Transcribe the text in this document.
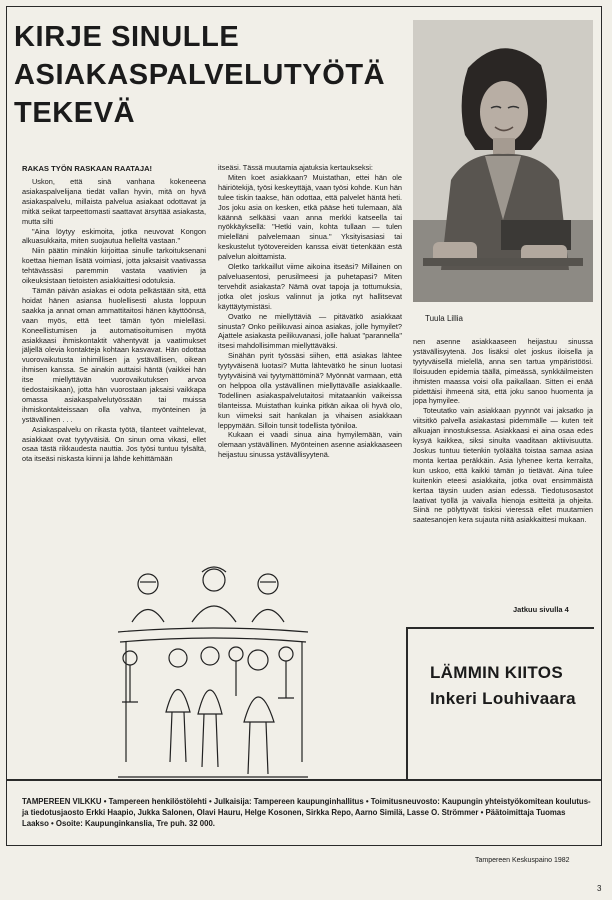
KIRJE SINULLE
ASIAKASPALVELUTYÖTÄ
TEKEVÄ
Tuula Lillia
RAKAS TYÖN RASKAAN RAATAJA!

Uskon, että sinä vanhana kokeneena asiakaspalvelijana tiedät vallan hyvin, mitä on hyvä asiakaspalvelu, millaista palvelua asiakaat odottavat ja mitkä seikat tarpeettomasti saattavat ärsyttää asiakasta, mutta silti

"Aina löytyy eskimoita, jotka neuvovat Kongon alkuasukkaita, miten suojautua helleltä vastaan."

Niin päätin minäkin kirjoittaa sinulle tarkoituksenani koettaa hieman lisätä voimiasi, jotta jaksaisit vaativassa tehtävässäsi paremmin vastata vaativien ja oikeuksistaan tietoisten asiakkaittesi odotuksia.

Tämän päivän asiakas ei odota pelkästään sitä, että hoidat hänen asiansa huolellisesti alusta loppuun saakka ja annat oman ammattitaitosi hänen käyttöönsä, vaan myös, että teet tämän työn mielelläsi. Koneellistumisen ja automatisoitumisen myötä asiakkaasi ihmiskontaktit vähentyvät ja vaatimukset jäljellä olevia kontakteja kohtaan kasvavat. Hän odottaa vuorovaikutusta inhimillisen ja ystävällisen, oikean ihmisen kanssa. Se ainakin auttaisi häntä (vaikkei hän itse miellyttävän vuorovaikutuksen arvoa tiedostaisikaan), jotta hän vuorostaan jaksaisi vaikkapa omassa asiakaspalvelutyössään tai muissa ihmiskontakteissaan olla vahva, myönteinen ja ystävällinen . . .

Asiakaspalvelu on rikasta työtä, tilanteet vaihtelevat, asiakkaat ovat tyytyväisiä. On sinun oma vikasi, ellet osaa tästä rikkaudesta nauttia. Jos työsi tuntuu tylsältä, ota itseäsi niskasta kiinni ja lähde kehittämään

itseäsi. Tässä muutamia ajatuksia kertaukseksi:

Miten koet asiakkaan? Muistathan, ettei hän ole häiriötekijä, työsi keskeyttäjä, vaan työsi kohde. Kun hän tulee tiskin taakse, hän odottaa, että palvelet häntä heti. Jos joku asia on kesken, etkä pääse heti tulemaan, älä käännä selkääsi vaan anna merkki katseella tai nyökkäyksellä: "Hetki vain, kohta tullaan — tulen mielelläni palvelemaan sinua." Yksityisasiasi tai keskustelut työtovereiden kanssa eivät tietenkään estä palvelun aloittamista.

Oletko tarkkaillut viime aikoina itseäsi? Millainen on palveluasentosi, perusilmeesi ja puhetapasi? Miten tervehdit asiakasta? Nämä ovat tapoja ja tottumuksia, jotka olet joskus valinnut ja jotka nyt hallitsevat käyttäytymistäsi.

Ovatko ne miellyttäviä — pitävätkö asiakkaat sinusta? Onko peilikuvasi ainoa asiakas, jolle hymyilet? Ajattele asiakasta peilikuvanasi, jolle haluat "parannella" itsesi mahdollisimman miellyttäväksi.

Sinähän pyrit työssäsi siihen, että asiakas lähtee tyytyväisenä luotasi? Mutta lähtevätkö he sinun luotasi tyytyväisinä vai tyytymättöminä? Myönnät varmaan, että on helppoa olla ystävällinen miellyttävälle asiakkaalle. Todellinen asiakaspalvelutaitosi mitataankin vaikeissa tilanteissa. Muistathan kuinka pitkän aikaa oli hyvä olo, kun viimeksi sait hankalan ja vihaisen asiakkaan leppymään. Silloin tunsit todellista työniloa.

Kukaan ei vaadi sinua aina hymyilemään, vain olemaan ystävällinen. Myönteinen asenne asiakkaaseen heijastuu sinussa ystävällisyytenä.

nen asenne asiakkaaseen heijastuu sinussa ystävällisyytenä. Jos lisäksi olet joskus iloisella ja tyytyväisellä mielellä, anna sen tartua ympäristöösi. Iloisuuden epidemia täällä, pimeässä, synkkäilmeisten ihmisten maassa voisi olla paikallaan. Sitten ei enää pidettäisi ihmeenä sitä, että joku sanoo huomenta ja jopa hymyilee.

Toteutatko vain asiakkaan pyynnöt vai jaksatko ja viitsitkö palvella asiakastasi pidemmälle — kuten teit alkuajan innostuksessa. Asiakkaasi ei aina osaa edes kysyä kaikkea, siksi sinulta vaaditaan aktiivisuutta. Joskus tuntuu tietenkin työläältä toistaa samaa asiaa monta kertaa peräkkäin. Asia lyhenee kerta kerralta, kun uskoo, että kaikki tämän jo tietävät. Aina tulee kuitenkin eteesi asiakkaita, jotka ovat ensimmäistä kertaa täysin uuden asian edessä. Tiedotusosastot laativat työllä ja vaivalla hienoja esitteitä ja ohjeita. Siinä ne pölyttyvät tiskisi vieressä ellet muutamien saatesanojen kera sujauta niitä asiakkaittesi mukaan.

Jatkuu sivulla 4
LÄMMIN KIITOS
Inkeri Louhivaara
TAMPEREEN VILKKU • Tampereen henkilöstölehti • Julkaisija: Tampereen kaupunginhallitus • Toimitusneuvosto: Kaupungin yhteistyökomitean koulutus- ja tiedotusjaosto Erkki Haapio, Jukka Salonen, Olavi Hauru, Helge Kosonen, Sirkka Repo, Aarno Similä, Lasse O. Strömmer • Päätoimittaja Tuomas Laakso • Osoite: Kaupunginkanslia, Tre puh. 32 000.
Tampereen Keskuspaino 1982
3
